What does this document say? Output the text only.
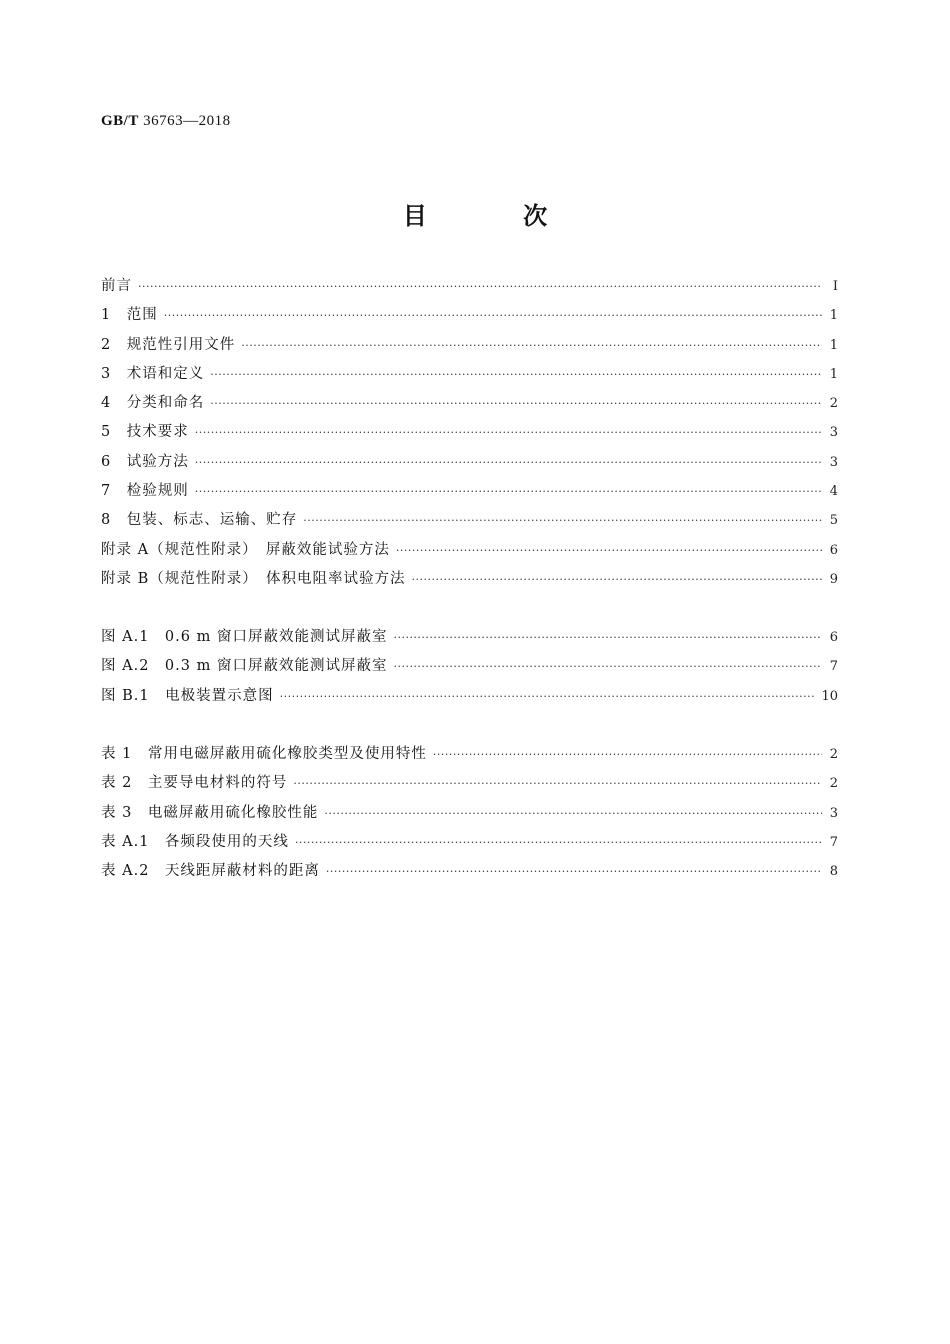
GB/T 36763—2018
目 次
前言 ·····	Ⅰ
1　范围 ·····	1
2　规范性引用文件 ·····	1
3　术语和定义 ·····	1
4　分类和命名 ·····	2
5　技术要求 ·····	3
6　试验方法 ·····	3
7　检验规则 ·····	4
8　包装、标志、运输、贮存 ·····	5
附录 A（规范性附录）　屏蔽效能试验方法 ·····	6
附录 B（规范性附录）　体积电阻率试验方法 ·····	9
图 A.1　0.6 m 窗口屏蔽效能测试屏蔽室 ·····	6
图 A.2　0.3 m 窗口屏蔽效能测试屏蔽室 ·····	7
图 B.1　电极装置示意图 ·····	10
表 1　常用电磁屏蔽用硫化橡胶类型及使用特性 ·····	2
表 2　主要导电材料的符号 ·····	2
表 3　电磁屏蔽用硫化橡胶性能 ·····	3
表 A.1　各频段使用的天线 ·····	7
表 A.2　天线距屏蔽材料的距离 ·····	8
